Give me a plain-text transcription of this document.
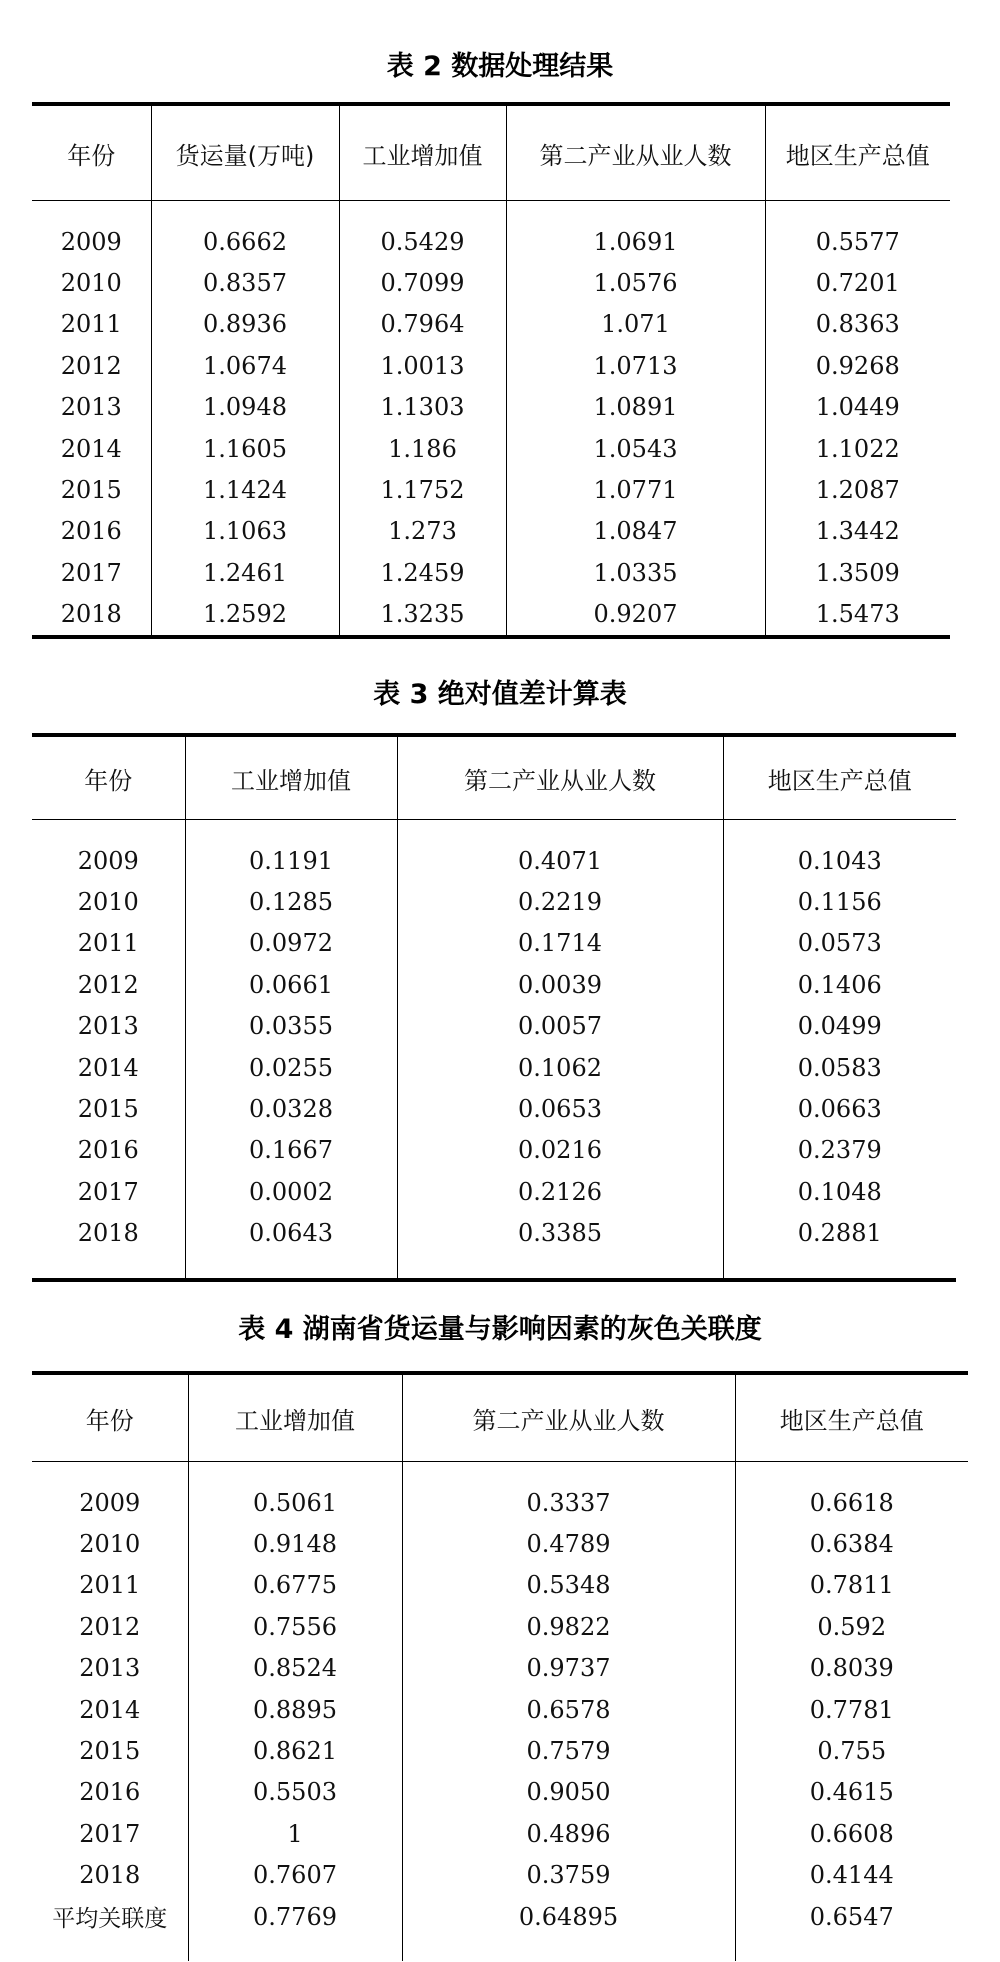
表 2 数据处理结果
年份	货运量(万吨)	工业增加值	第二产业从业人数	地区生产总值

2009	0.6662	0.5429	1.0691	0.5577
2010	0.8357	0.7099	1.0576	0.7201
2011	0.8936	0.7964	1.071	0.8363
2012	1.0674	1.0013	1.0713	0.9268
2013	1.0948	1.1303	1.0891	1.0449
2014	1.1605	1.186	1.0543	1.1022
2015	1.1424	1.1752	1.0771	1.2087
2016	1.1063	1.273	1.0847	1.3442
2017	1.2461	1.2459	1.0335	1.3509
2018	1.2592	1.3235	0.9207	1.5473
表 3 绝对值差计算表
年份	工业增加值	第二产业从业人数	地区生产总值

2009	0.1191	0.4071	0.1043
2010	0.1285	0.2219	0.1156
2011	0.0972	0.1714	0.0573
2012	0.0661	0.0039	0.1406
2013	0.0355	0.0057	0.0499
2014	0.0255	0.1062	0.0583
2015	0.0328	0.0653	0.0663
2016	0.1667	0.0216	0.2379
2017	0.0002	0.2126	0.1048
2018	0.0643	0.3385	0.2881

表 4 湖南省货运量与影响因素的灰色关联度
年份	工业增加值	第二产业从业人数	地区生产总值

2009	0.5061	0.3337	0.6618
2010	0.9148	0.4789	0.6384
2011	0.6775	0.5348	0.7811
2012	0.7556	0.9822	0.592
2013	0.8524	0.9737	0.8039
2014	0.8895	0.6578	0.7781
2015	0.8621	0.7579	0.755
2016	0.5503	0.9050	0.4615
2017	1	0.4896	0.6608
2018	0.7607	0.3759	0.4144
平均关联度	0.7769	0.64895	0.6547
